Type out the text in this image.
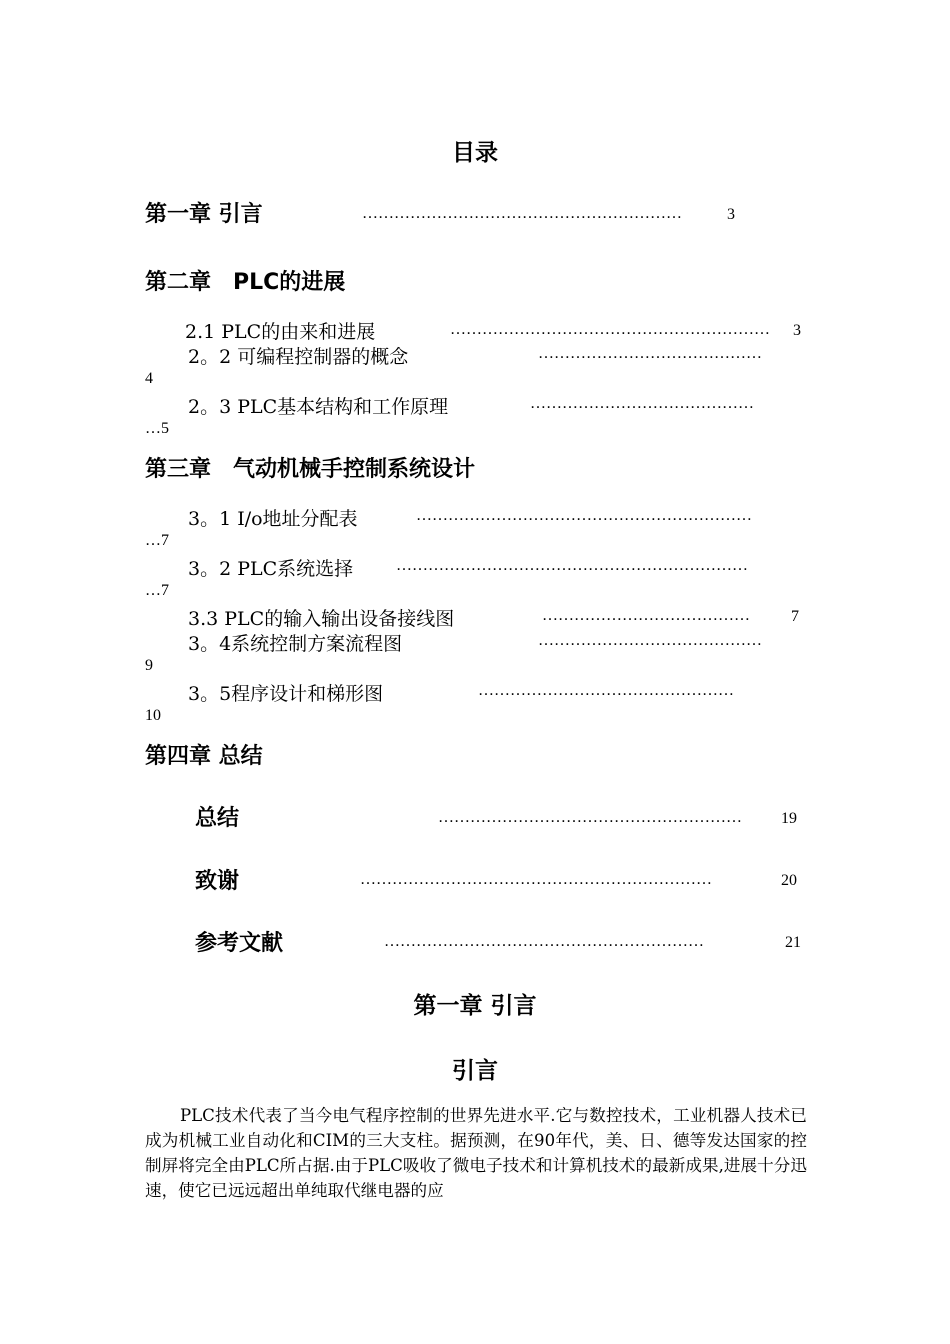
目录
第一章 引言	……………………………………………………	3
第二章　PLC的进展
2.1 PLC的由来和进展	…………………………………………………… 3
2。2 可编程控制器的概念	……………………………………
4
2。3 PLC基本结构和工作原理	……………………………………
…5
第三章　气动机械手控制系统设计
3。1 I/o地址分配表	………………………………………………………
…7
3。2 PLC系统选择	…………………………………………………………
…7
3.3 PLC的输入输出设备接线图	…………………………………	7
3。4系统控制方案流程图	……………………………………
9
3。5程序设计和梯形图	…………………………………………
10
第四章 总结
总结	………………………………………………… 19
致谢	…………………………………………………………	20
参考文献	……………………………………………………	21
第一章 引言
引言
PLC技术代表了当今电气程序控制的世界先进水平.它与数控技术，工业机器人技术已成为机械工业自动化和CIM的三大支柱。据预测，在90年代，美、日、德等发达国家的控制屏将完全由PLC所占据.由于PLC吸收了微电子技术和计算机技术的最新成果,进展十分迅速，使它已远远超出单纯取代继电器的应
